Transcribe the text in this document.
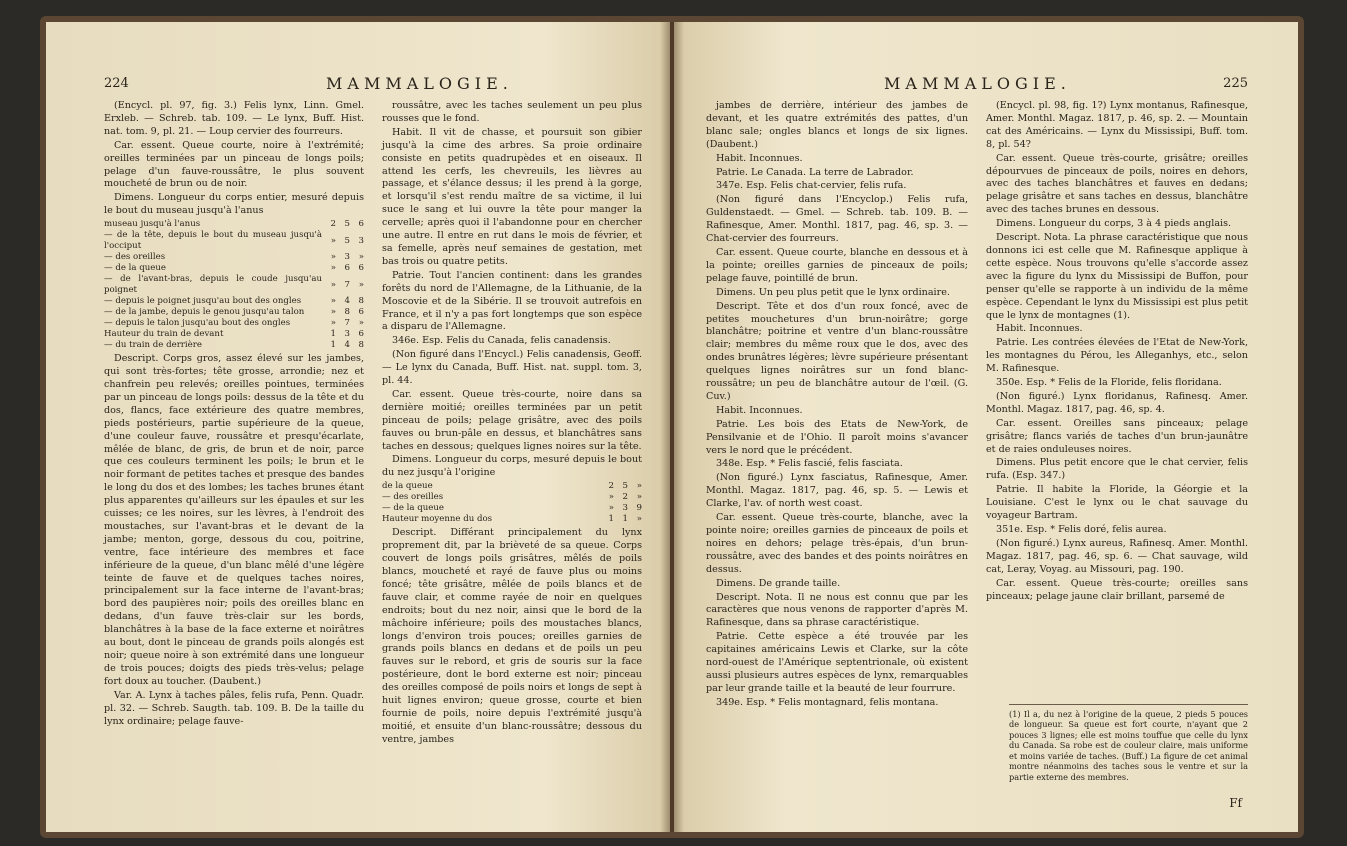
224	MAMMALOGIE.

(Encycl. pl. 97, fig. 3.) Felis lynx, Linn. Gmel. Erxleb. — Schreb. tab. 109. — Le lynx, Buff. Hist. nat. tom. 9, pl. 21. — Loup cervier des fourreurs.

Car. essent. Queue courte, noire à l'extrémité; oreilles terminées par un pinceau de longs poils; pelage d'un fauve-roussâtre, le plus souvent moucheté de brun ou de noir.

Dimens. Longueur du corps entier, mesuré depuis le bout du museau jusqu'à l'anus

museau jusqu'à l'anus	2	5	6
— de la tête, depuis le bout du museau jusqu'à l'occiput	»	5	3
— des oreilles	»	3	»
— de la queue	»	6	6
— de l'avant-bras, depuis le coude jusqu'au poignet	»	7	»
— depuis le poignet jusqu'au bout des ongles	»	4	8
— de la jambe, depuis le genou jusqu'au talon	»	8	6
— depuis le talon jusqu'au bout des ongles	»	7	»
Hauteur du train de devant	1	3	6
— du train de derrière	1	4	8

Descript. Corps gros, assez élevé sur les jambes, qui sont très-fortes; tête grosse, arrondie; nez et chanfrein peu relevés; oreilles pointues, terminées par un pinceau de longs poils: dessus de la tête et du dos, flancs, face extérieure des quatre membres, pieds postérieurs, partie supérieure de la queue, d'une couleur fauve, roussâtre et presqu'écarlate, mêlée de blanc, de gris, de brun et de noir, parce que ces couleurs terminent les poils; le brun et le noir formant de petites taches et presque des bandes le long du dos et des lombes; les taches brunes étant plus apparentes qu'ailleurs sur les épaules et sur les cuisses; ce les noires, sur les lèvres, à l'endroit des moustaches, sur l'avant-bras et le devant de la jambe; menton, gorge, dessous du cou, poitrine, ventre, face intérieure des membres et face inférieure de la queue, d'un blanc mêlé d'une légère teinte de fauve et de quelques taches noires, principalement sur la face interne de l'avant-bras; bord des paupières noir; poils des oreilles blanc en dedans, d'un fauve très-clair sur les bords, blanchâtres à la base de la face externe et noirâtres au bout, dont le pinceau de grands poils alongés est noir; queue noire à son extrémité dans une longueur de trois pouces; doigts des pieds très-velus; pelage fort doux au toucher. (Daubent.)

Var. A. Lynx à taches pâles, felis rufa, Penn. Quadr. pl. 32. — Schreb. Saugth. tab. 109. B. De la taille du lynx ordinaire; pelage fauve-

roussâtre, avec les taches seulement un peu plus rousses que le fond.

Habit. Il vit de chasse, et poursuit son gibier jusqu'à la cime des arbres. Sa proie ordinaire consiste en petits quadrupèdes et en oiseaux. Il attend les cerfs, les chevreuils, les lièvres au passage, et s'élance dessus; il les prend à la gorge, et lorsqu'il s'est rendu maître de sa victime, il lui suce le sang et lui ouvre la tête pour manger la cervelle; après quoi il l'abandonne pour en chercher une autre. Il entre en rut dans le mois de février, et sa femelle, après neuf semaines de gestation, met bas trois ou quatre petits.

Patrie. Tout l'ancien continent: dans les grandes forêts du nord de l'Allemagne, de la Lithuanie, de la Moscovie et de la Sibérie. Il se trouvoit autrefois en France, et il n'y a pas fort longtemps que son espèce a disparu de l'Allemagne.

346e. Esp. Felis du Canada, felis canadensis.

(Non figuré dans l'Encycl.) Felis canadensis, Geoff. — Le lynx du Canada, Buff. Hist. nat. suppl. tom. 3, pl. 44.

Car. essent. Queue très-courte, noire dans sa dernière moitié; oreilles terminées par un petit pinceau de poils; pelage grisâtre, avec des poils fauves ou brun-pâle en dessus, et blanchâtres sans taches en dessous; quelques lignes noires sur la tête.

Dimens. Longueur du corps, mesuré depuis le bout du nez jusqu'à l'origine

de la queue	2	5	»
— des oreilles	»	2	»
— de la queue	»	3	9
Hauteur moyenne du dos	1	1	»

Descript. Différant principalement du lynx proprement dit, par la brièveté de sa queue. Corps couvert de longs poils grisâtres, mêlés de poils blancs, moucheté et rayé de fauve plus ou moins foncé; tête grisâtre, mêlée de poils blancs et de fauve clair, et comme rayée de noir en quelques endroits; bout du nez noir, ainsi que le bord de la mâchoire inférieure; poils des moustaches blancs, longs d'environ trois pouces; oreilles garnies de grands poils blancs en dedans et de poils un peu fauves sur le rebord, et gris de souris sur la face postérieure, dont le bord externe est noir; pinceau des oreilles composé de poils noirs et longs de sept à huit lignes environ; queue grosse, courte et bien fournie de poils, noire depuis l'extrémité jusqu'à moitié, et ensuite d'un blanc-roussâtre; dessous du ventre, jambes

MAMMALOGIE.	225

jambes de derrière, intérieur des jambes de devant, et les quatre extrémités des pattes, d'un blanc sale; ongles blancs et longs de six lignes. (Daubent.)

Habit. Inconnues.

Patrie. Le Canada. La terre de Labrador.

347e. Esp. Felis chat-cervier, felis rufa.

(Non figuré dans l'Encyclop.) Felis rufa, Guldenstaedt. — Gmel. — Schreb. tab. 109. B. — Rafinesque, Amer. Monthl. 1817, pag. 46, sp. 3. — Chat-cervier des fourreurs.

Car. essent. Queue courte, blanche en dessous et à la pointe; oreilles garnies de pinceaux de poils; pelage fauve, pointillé de brun.

Dimens. Un peu plus petit que le lynx ordinaire.

Descript. Tête et dos d'un roux foncé, avec de petites mouchetures d'un brun-noirâtre; gorge blanchâtre; poitrine et ventre d'un blanc-roussâtre clair; membres du même roux que le dos, avec des ondes brunâtres légères; lèvre supérieure présentant quelques lignes noirâtres sur un fond blanc-roussâtre; un peu de blanchâtre autour de l'œil. (G. Cuv.)

Habit. Inconnues.

Patrie. Les bois des Etats de New-York, de Pensilvanie et de l'Ohio. Il paroît moins s'avancer vers le nord que le précédent.

348e. Esp. * Felis fascié, felis fasciata.

(Non figuré.) Lynx fasciatus, Rafinesque, Amer. Monthl. Magaz. 1817, pag. 46, sp. 5. — Lewis et Clarke, l'av. of north west coast.

Car. essent. Queue très-courte, blanche, avec la pointe noire; oreilles garnies de pinceaux de poils et noires en dehors; pelage très-épais, d'un brun-roussâtre, avec des bandes et des points noirâtres en dessus.

Dimens. De grande taille.

Descript. Nota. Il ne nous est connu que par les caractères que nous venons de rapporter d'après M. Rafinesque, dans sa phrase caractéristique.

Patrie. Cette espèce a été trouvée par les capitaines américains Lewis et Clarke, sur la côte nord-ouest de l'Amérique septentrionale, où existent aussi plusieurs autres espèces de lynx, remarquables par leur grande taille et la beauté de leur fourrure.

349e. Esp. * Felis montagnard, felis montana.

(Encycl. pl. 98, fig. 1?) Lynx montanus, Rafinesque, Amer. Monthl. Magaz. 1817, p. 46, sp. 2. — Mountain cat des Américains. — Lynx du Mississipi, Buff. tom. 8, pl. 54?

Car. essent. Queue très-courte, grisâtre; oreilles dépourvues de pinceaux de poils, noires en dehors, avec des taches blanchâtres et fauves en dedans; pelage grisâtre et sans taches en dessus, blanchâtre avec des taches brunes en dessous.

Dimens. Longueur du corps, 3 à 4 pieds anglais.

Descript. Nota. La phrase caractéristique que nous donnons ici est celle que M. Rafinesque applique à cette espèce. Nous trouvons qu'elle s'accorde assez avec la figure du lynx du Mississipi de Buffon, pour penser qu'elle se rapporte à un individu de la même espèce. Cependant le lynx du Mississipi est plus petit que le lynx de montagnes (1).

Habit. Inconnues.

Patrie. Les contrées élevées de l'Etat de New-York, les montagnes du Pérou, les Alleganhys, etc., selon M. Rafinesque.

350e. Esp. * Felis de la Floride, felis floridana.

(Non figuré.) Lynx floridanus, Rafinesq. Amer. Monthl. Magaz. 1817, pag. 46, sp. 4.

Car. essent. Oreilles sans pinceaux; pelage grisâtre; flancs variés de taches d'un brun-jaunâtre et de raies onduleuses noires.

Dimens. Plus petit encore que le chat cervier, felis rufa. (Esp. 347.)

Patrie. Il habite la Floride, la Géorgie et la Louisiane. C'est le lynx ou le chat sauvage du voyageur Bartram.

351e. Esp. * Felis doré, felis aurea.

(Non figuré.) Lynx aureus, Rafinesq. Amer. Monthl. Magaz. 1817, pag. 46, sp. 6. — Chat sauvage, wild cat, Leray, Voyag. au Missouri, pag. 190.

Car. essent. Queue très-courte; oreilles sans pinceaux; pelage jaune clair brillant, parsemé de

(1) Il a, du nez à l'origine de la queue, 2 pieds 5 pouces de longueur. Sa queue est fort courte, n'ayant que 2 pouces 3 lignes; elle est moins touffue que celle du lynx du Canada. Sa robe est de couleur claire, mais uniforme et moins variée de taches. (Buff.) La figure de cet animal montre néanmoins des taches sous le ventre et sur la partie externe des membres.
Ff
